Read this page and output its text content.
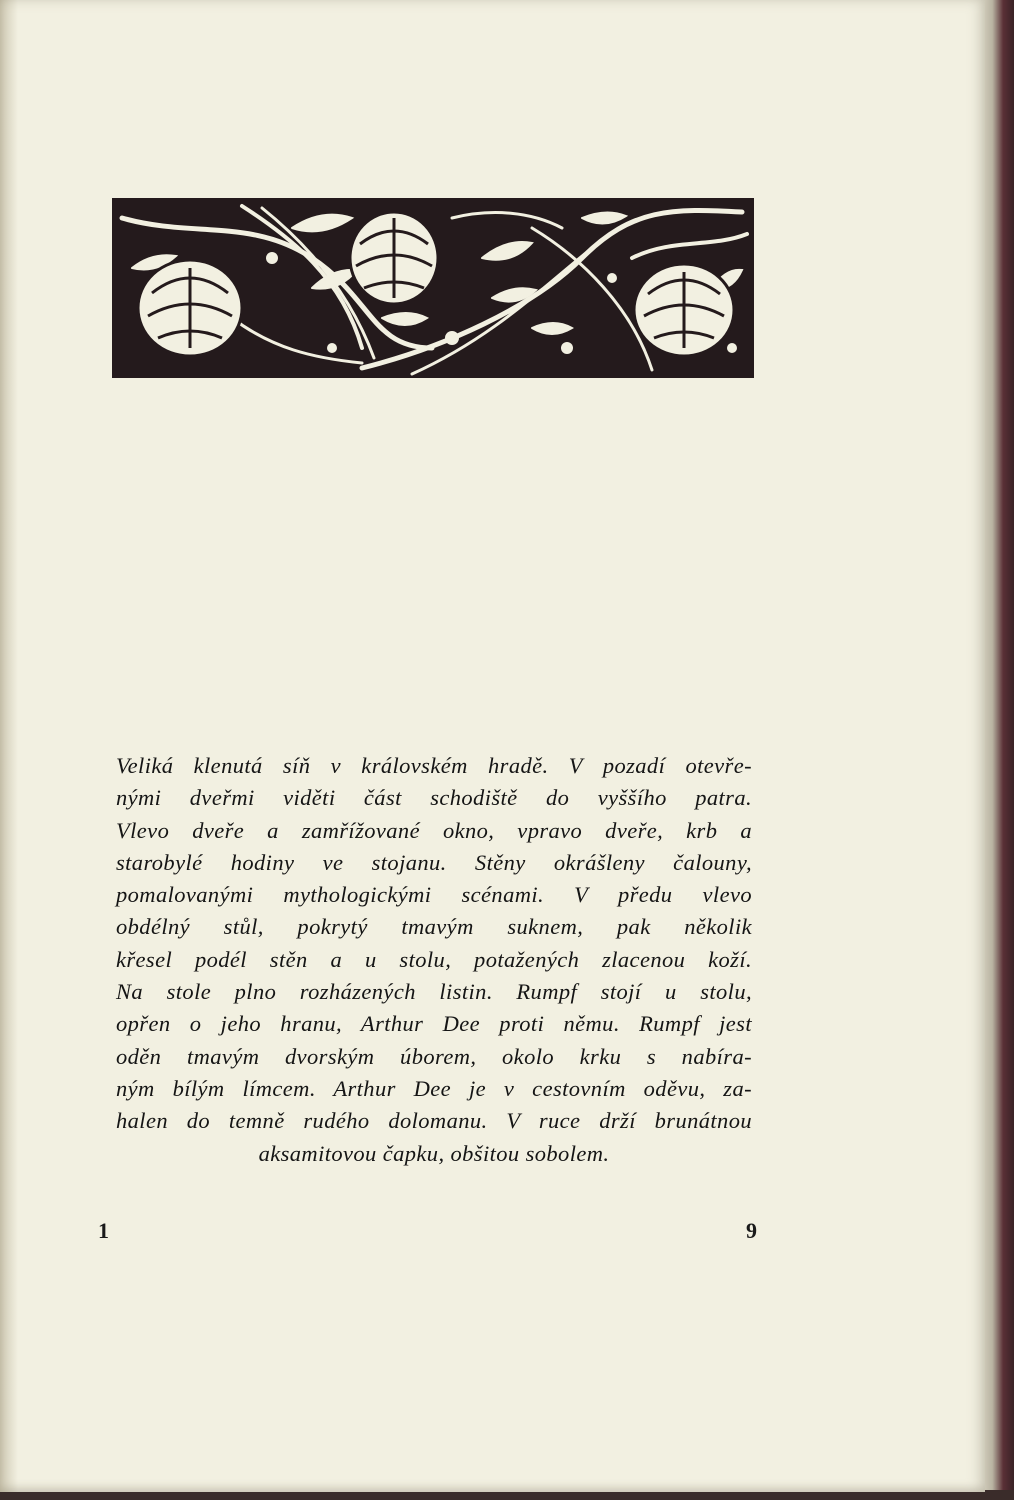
Veliká klenutá síň v královském hradě. V pozadí otevře-
nými dveřmi viděti část schodiště do vyššího patra.
Vlevo dveře a zamřížované okno, vpravo dveře, krb a
starobylé hodiny ve stojanu. Stěny okrášleny čalouny,
pomalovanými mythologickými scénami. V předu vlevo
obdélný stůl, pokrytý tmavým suknem, pak několik
křesel podél stěn a u stolu, potažených zlacenou koží.
Na stole plno rozházených listin. Rumpf stojí u stolu,
opřen o jeho hranu, Arthur Dee proti němu. Rumpf jest
oděn tmavým dvorským úborem, okolo krku s nabíra-
ným bílým límcem. Arthur Dee je v cestovním oděvu, za-
halen do temně rudého dolomanu. V ruce drží brunátnou
aksamitovou čapku, obšitou sobolem.
1	9
